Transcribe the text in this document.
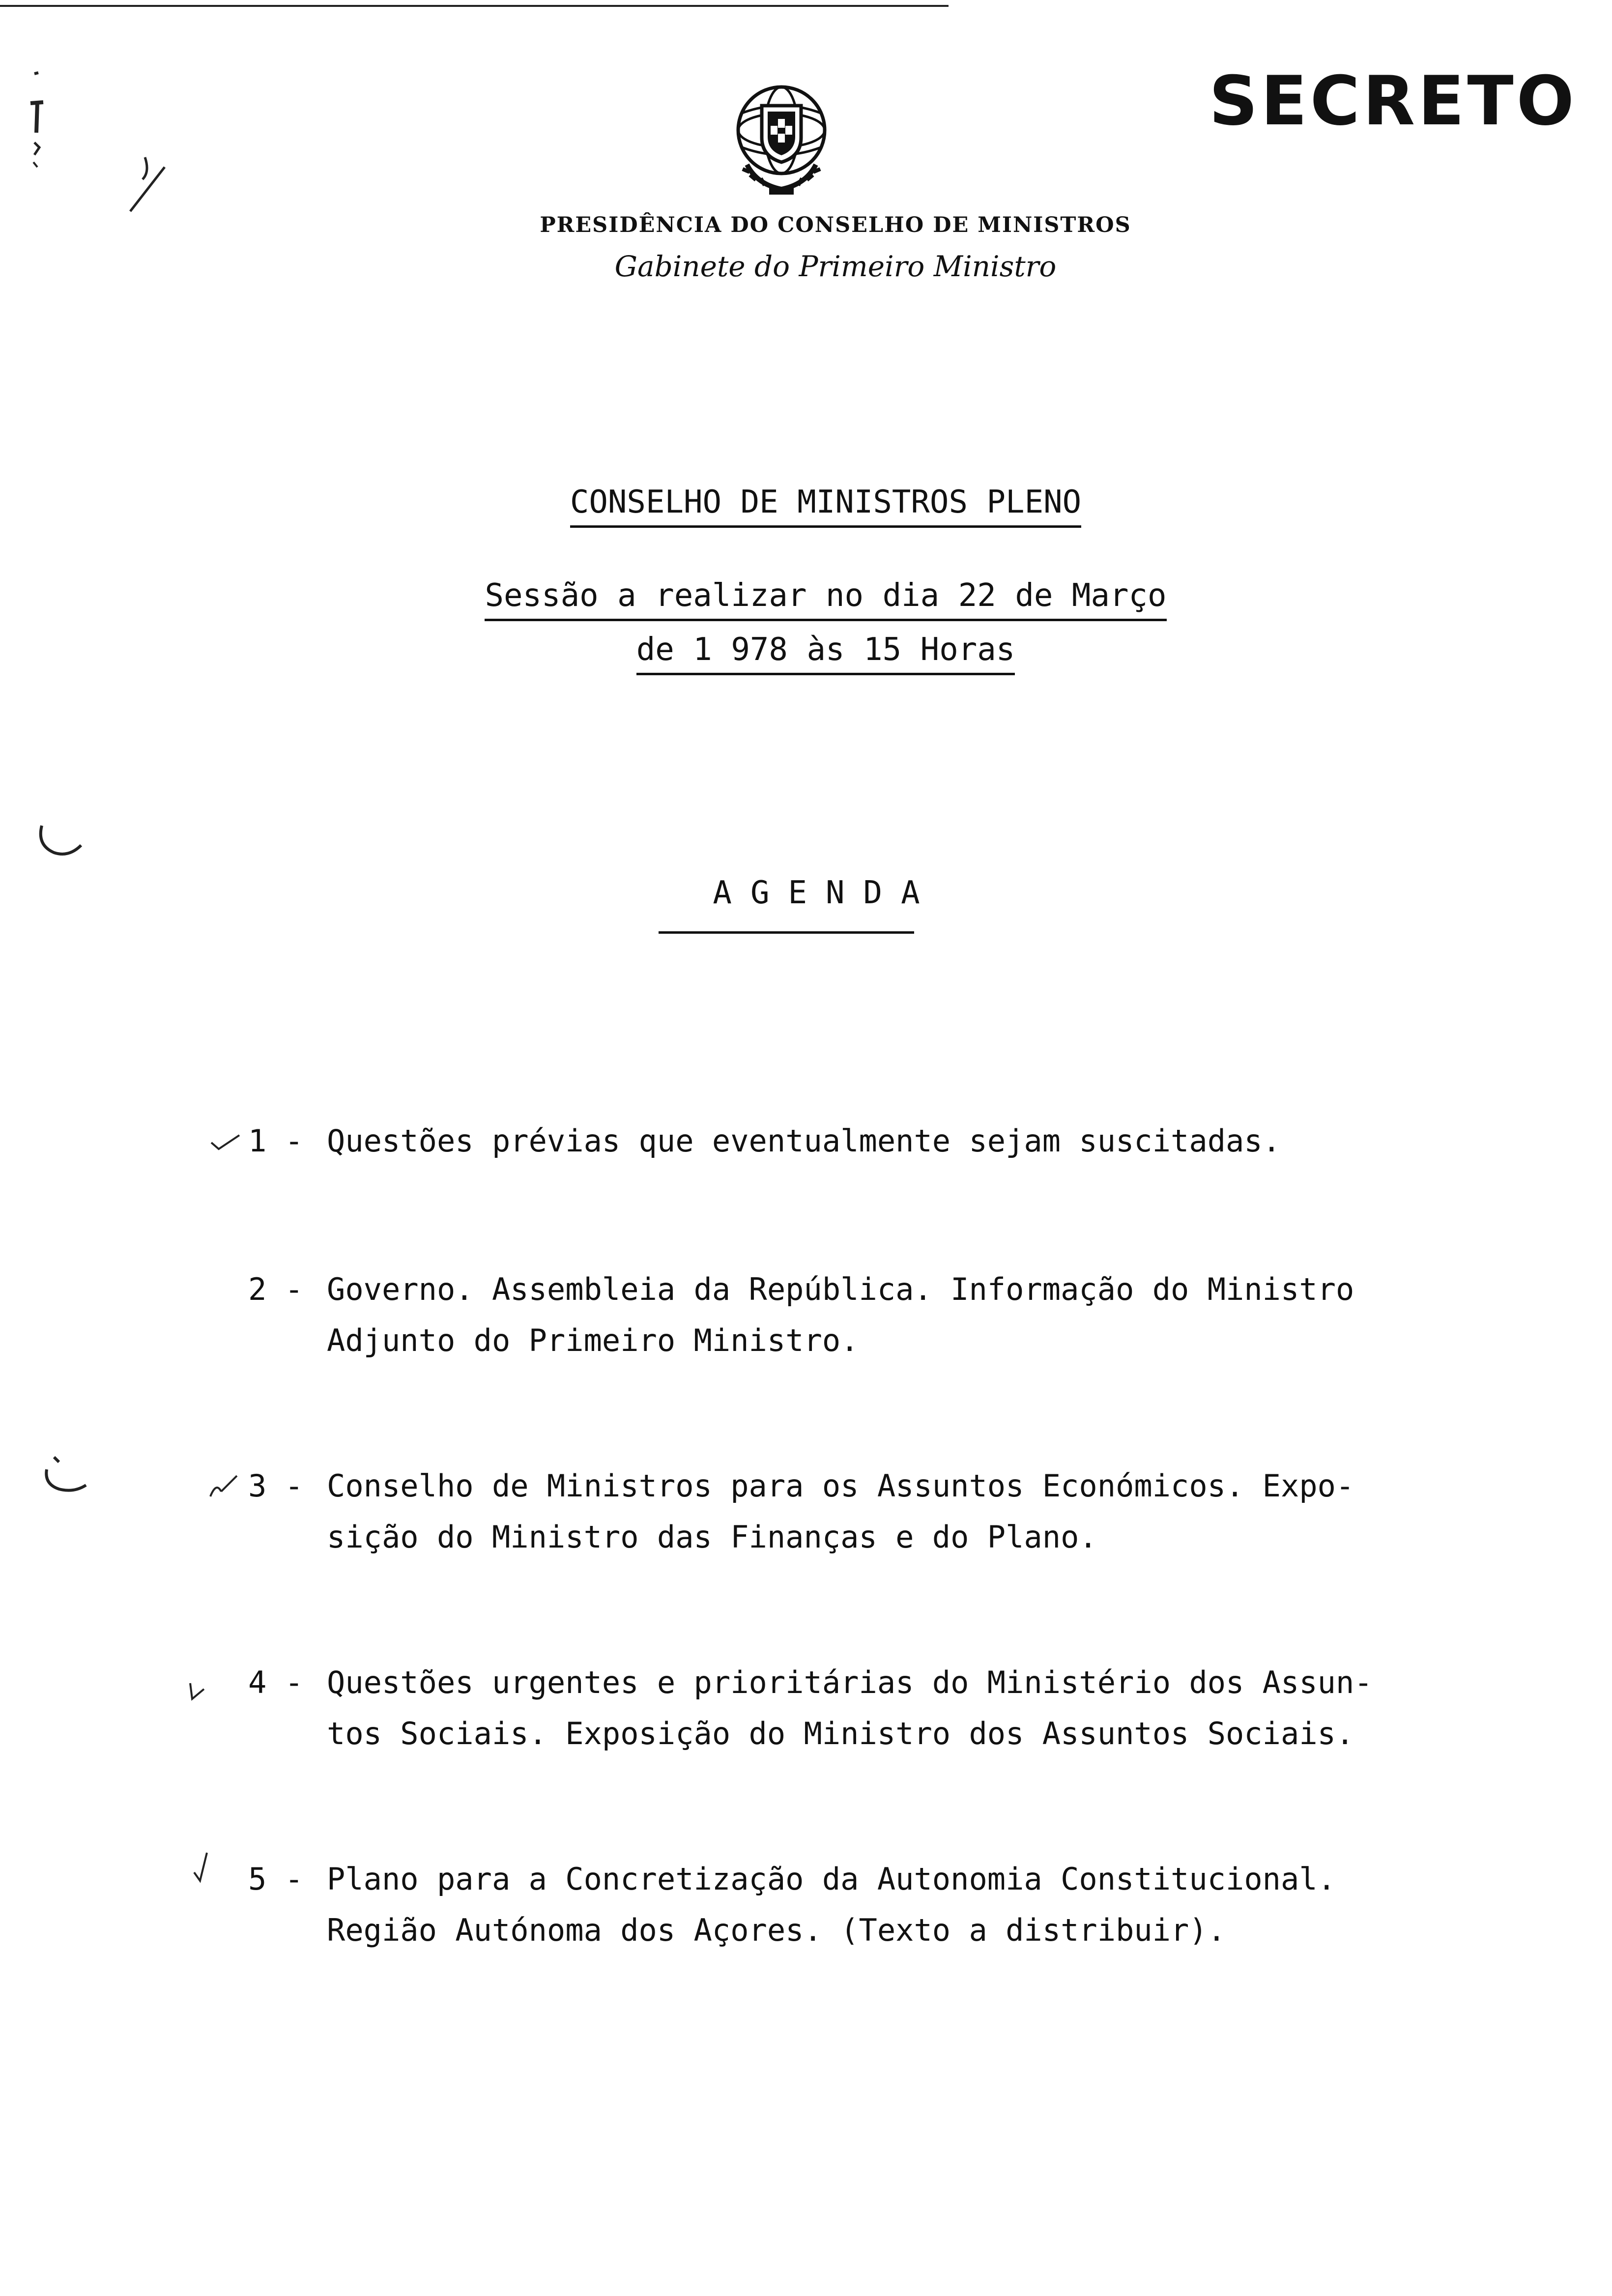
SECRETO
PRESIDÊNCIA DO CONSELHO DE MINISTROS
Gabinete do Primeiro Ministro
CONSELHO DE MINISTROS PLENO
Sessão a realizar no dia 22 de Março
de 1 978 às 15 Horas
AGENDA
1 - Questões prévias que eventualmente sejam suscitadas.
2 - Governo. Assembleia da República. Informação do Ministro
Adjunto do Primeiro Ministro.
3 - Conselho de Ministros para os Assuntos Económicos. Expo-
sição do Ministro das Finanças e do Plano.
4 - Questões urgentes e prioritárias do Ministério dos Assun-
tos Sociais. Exposição do Ministro dos Assuntos Sociais.
5 - Plano para a Concretização da Autonomia Constitucional.
Região Autónoma dos Açores. (Texto a distribuir).
